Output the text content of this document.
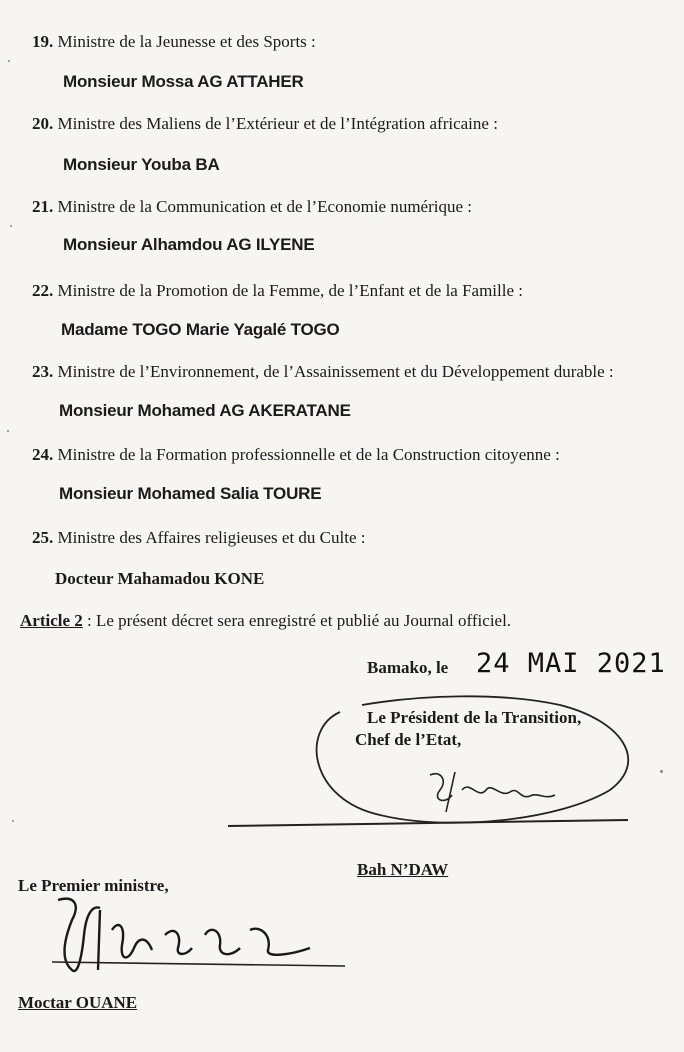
19. Ministre de la Jeunesse et des Sports :
Monsieur Mossa AG ATTAHER
20. Ministre des Maliens de l’Extérieur et de l’Intégration africaine :
Monsieur Youba BA
21. Ministre de la Communication et de l’Economie numérique :
Monsieur Alhamdou AG ILYENE
22. Ministre de la Promotion de la Femme, de l’Enfant et de la Famille :
Madame TOGO Marie Yagalé TOGO
23. Ministre de l’Environnement, de l’Assainissement et du Développement durable :
Monsieur Mohamed AG AKERATANE
24. Ministre de la Formation professionnelle et de la Construction citoyenne :
Monsieur Mohamed Salia TOURE
25. Ministre des Affaires religieuses et du Culte :
Docteur Mahamadou KONE
Article 2 : Le présent décret sera enregistré et publié au Journal officiel.
Bamako, le 24 MAI 2021
Le Président de la Transition,
Chef de l’Etat,
Bah N’DAW
Le Premier ministre,
Moctar OUANE
